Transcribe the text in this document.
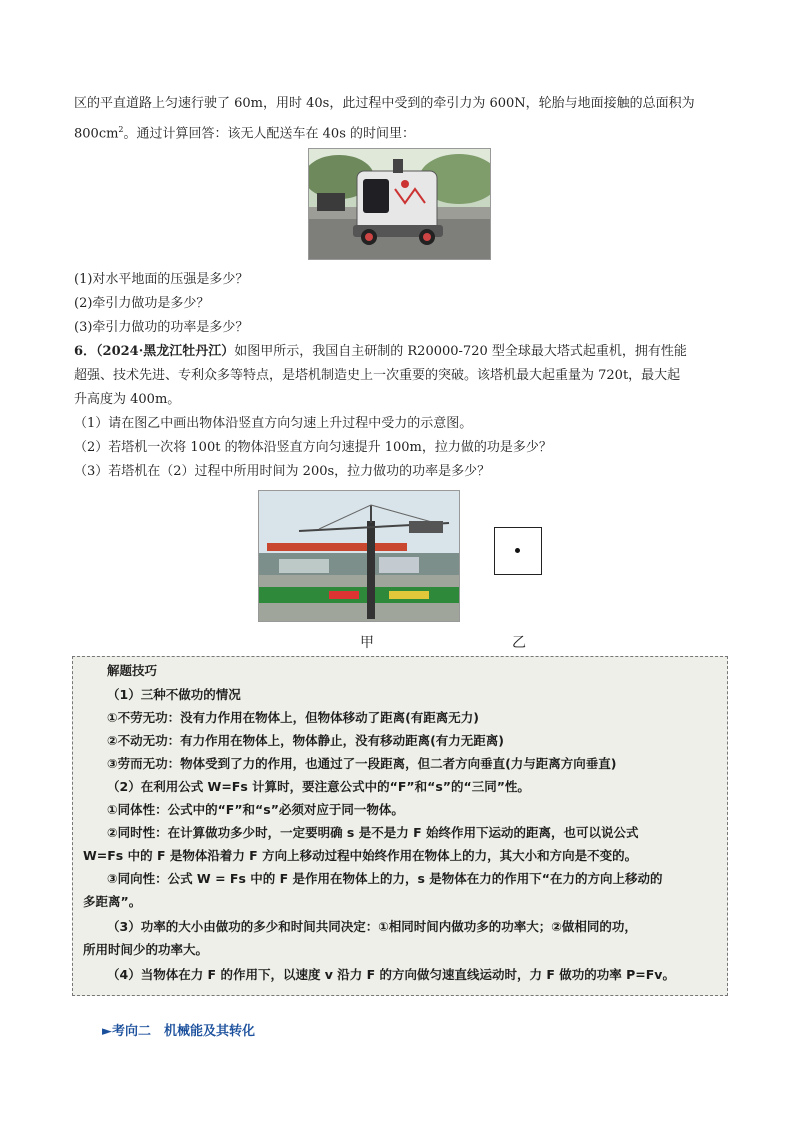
区的平直道路上匀速行驶了 60m，用时 40s，此过程中受到的牵引力为 600N，轮胎与地面接触的总面积为
$800cm^2$。通过计算回答：该无人配送车在 40s 的时间里：
(1)对水平地面的压强是多少？
(2)牵引力做功是多少？
(3)牵引力做功的功率是多少？
6．（2024·黑龙江牡丹江）如图甲所示，我国自主研制的 R20000-720 型全球最大塔式起重机，拥有性能
超强、技术先进、专利众多等特点，是塔机制造史上一次重要的突破。该塔机最大起重量为 720t，最大起
升高度为 400m。
（1）请在图乙中画出物体沿竖直方向匀速上升过程中受力的示意图。
（2）若塔机一次将 100t 的物体沿竖直方向匀速提升 100m，拉力做的功是多少？
（3）若塔机在（2）过程中所用时间为 200s，拉力做功的功率是多少？
甲	乙
解题技巧
（1）三种不做功的情况
①不劳无功：没有力作用在物体上，但物体移动了距离(有距离无力)
②不动无功：有力作用在物体上，物体静止，没有移动距离(有力无距离)
③劳而无功：物体受到了力的作用，也通过了一段距离，但二者方向垂直(力与距离方向垂直)
（2）在利用公式 W=Fs 计算时，要注意公式中的“F”和“s”的“三同”性。
①同体性：公式中的“F”和“s”必须对应于同一物体。
②同时性：在计算做功多少时，一定要明确 s 是不是力 F 始终作用下运动的距离，也可以说公式
W=Fs 中的 F 是物体沿着力 F 方向上移动过程中始终作用在物体上的力，其大小和方向是不变的。
③同向性：公式 W = Fs 中的 F 是作用在物体上的力，s 是物体在力的作用下“在力的方向上移动的
多距离”。
（3）功率的大小由做功的多少和时间共同决定：①相同时间内做功多的功率大；②做相同的功，
所用时间少的功率大。
（4）当物体在力 F 的作用下，以速度 v 沿力 F 的方向做匀速直线运动时，力 F 做功的功率 P=Fv。
►考向二　机械能及其转化
